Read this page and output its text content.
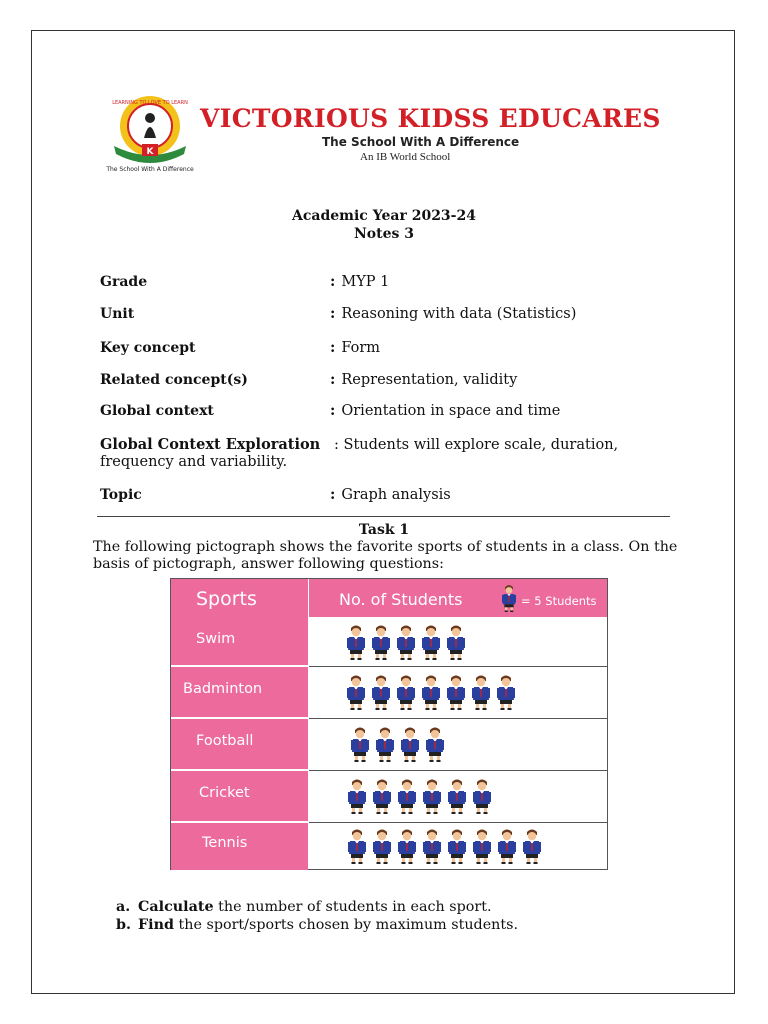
K
LEARNING TO LOVE TO LEARN
The School With A Difference
VICTORIOUS KIDSS EDUCARES
The School With A Difference
An IB World School
Academic Year 2023-24
Notes 3
Grade	: MYP 1
Unit	: Reasoning with data (Statistics)
Key concept	: Form
Related concept(s)	: Representation, validity
Global context	: Orientation in space and time
Global Context Exploration : Students will explore scale, duration, frequency and variability.
Topic	: Graph analysis
Task 1
The following pictograph shows the favorite sports of students in a class. On the basis of pictograph, answer following questions:
Sports	No. of Students	= 5 Students
Swim
Badminton
Football
Cricket
Tennis
a. Calculate the number of students in each sport.
b. Find the sport/sports chosen by maximum students.
